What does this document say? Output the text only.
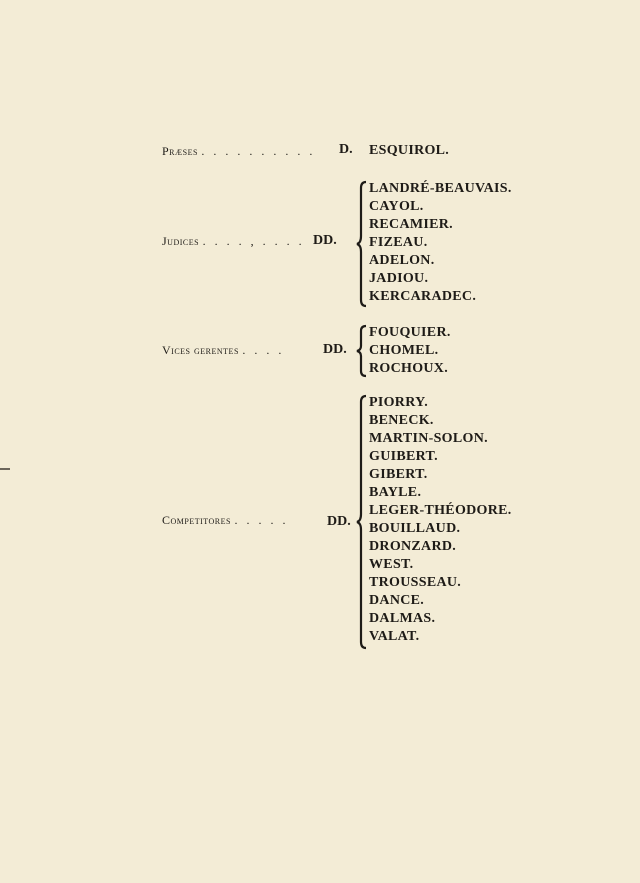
Præses . . . . . . . . . . D. ESQUIROL.
Judices . . . . , . . . . DD.
LANDRÉ-BEAUVAIS.
CAYOL.
RECAMIER.
FIZEAU.
ADELON.
JADIOU.
KERCARADEC.
Vices gerentes . . . .	DD.
FOUQUIER.
CHOMEL.
ROCHOUX.
Competitores . . . . .	DD.
PIORRY.
BENECK.
MARTIN-SOLON.
GUIBERT.
GIBERT.
BAYLE.
LEGER-THÉODORE.
BOUILLAUD.
DRONZARD.
WEST.
TROUSSEAU.
DANCE.
DALMAS.
VALAT.
